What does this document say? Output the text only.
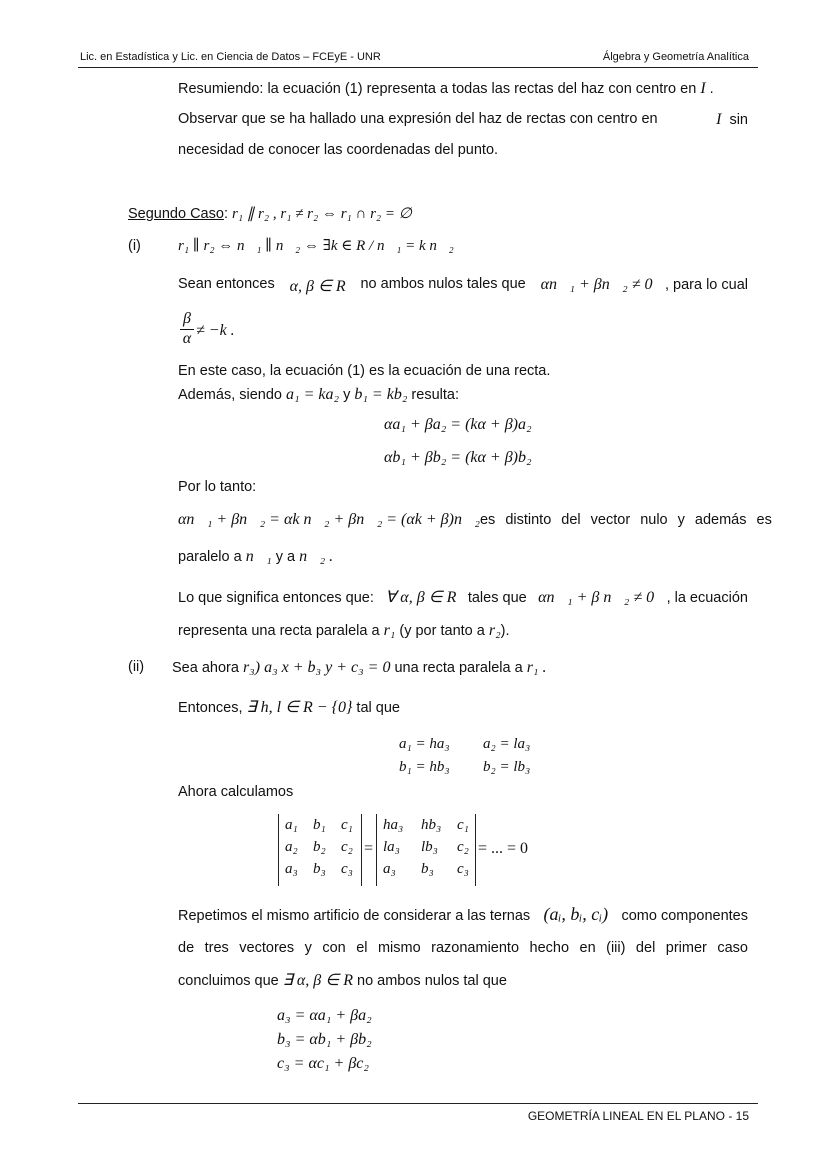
Lic. en Estadística y Lic. en Ciencia de Datos – FCEyE - UNR	Álgebra y Geometría Analítica
Resumiendo: la ecuación (1) representa a todas las rectas del haz con centro en I .
Observar que se ha hallado una expresión del haz de rectas con centro en	I sin
necesidad de conocer las coordenadas del punto.
Segundo Caso: r₁ ∥ r₂ , r₁ ≠ r₂ ⇔ r₁ ∩ r₂ = ∅
(i) r₁ ∥ r₂ ⇔ n⃗₁ ∥ n⃗₂ ⇔ ∃k ∈ R / n⃗₁ = k n⃗₂
Sean entonces α, β ∈ R no ambos nulos tales que αn⃗₁ + βn⃗₂ ≠ 0⃗, para lo cual
β
α ≠ −k .
En este caso, la ecuación (1) es la ecuación de una recta.
Además, siendo a₁ = ka₂ y b₁ = kb₂ resulta:
αa₁ + βa₂ = (kα + β)a₂
αb₁ + βb₂ = (kα + β)b₂
Por lo tanto:
αn⃗₁ + βn⃗₂ = αk n⃗₂ + βn⃗₂ = (αk + β)n⃗₂ es distinto del vector nulo y además es
paralelo a n⃗₁ y a n⃗₂ .
Lo que significa entonces que: ∀ α, β ∈ R tales que αn⃗₁ + β n⃗₂ ≠ 0⃗, la ecuación
representa una recta paralela a r₁ (y por tanto a r₂).
(ii) Sea ahora r₃) a₃ x + b₃ y + c₃ = 0 una recta paralela a r₁ .
Entonces, ∃ h, l ∈ R − {0} tal que
a₁ = ha₃	a₂ = la₃
b₁ = hb₃	b₂ = lb₃
Ahora calculamos
a₁	b₁	c₁
a₂	b₂	c₂
a₃	b₃	c₃
=
ha₃	hb₃	c₁
la₃	lb₃	c₂
a₃	b₃	c₃
= ... = 0
Repetimos el mismo artificio de considerar a las ternas (aᵢ, bᵢ, cᵢ) como componentes
de tres vectores y con el mismo razonamiento hecho en (iii) del primer caso
concluimos que ∃ α, β ∈ R no ambos nulos tal que
a₃ = αa₁ + βa₂
b₃ = αb₁ + βb₂
c₃ = αc₁ + βc₂
GEOMETRÍA LINEAL EN EL PLANO - 15
